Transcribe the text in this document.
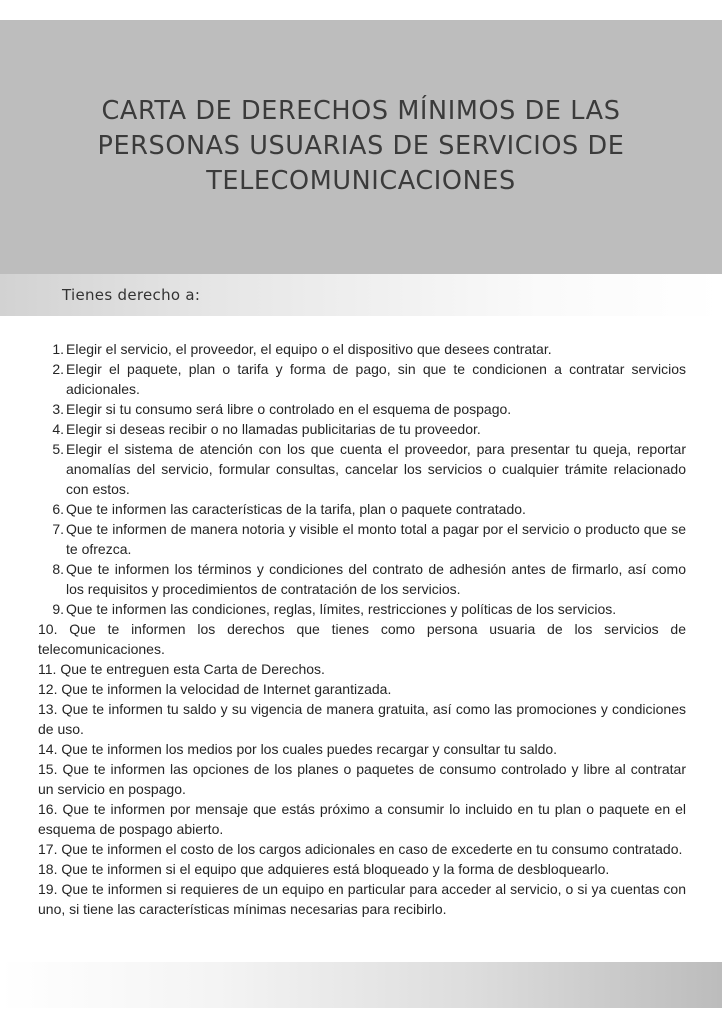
CARTA DE DERECHOS MÍNIMOS DE LAS PERSONAS USUARIAS DE SERVICIOS DE TELECOMUNICACIONES
Tienes derecho a:
1. Elegir el servicio, el proveedor, el equipo o el dispositivo que desees contratar.
2. Elegir el paquete, plan o tarifa y forma de pago, sin que te condicionen a contratar servicios adicionales.
3. Elegir si tu consumo será libre o controlado en el esquema de pospago.
4. Elegir si deseas recibir o no llamadas publicitarias de tu proveedor.
5. Elegir el sistema de atención con los que cuenta el proveedor, para presentar tu queja, reportar anomalías del servicio, formular consultas, cancelar los servicios o cualquier trámite relacionado con estos.
6. Que te informen las características de la tarifa, plan o paquete contratado.
7. Que te informen de manera notoria y visible el monto total a pagar por el servicio o producto que se te ofrezca.
8. Que te informen los términos y condiciones del contrato de adhesión antes de firmarlo, así como los requisitos y procedimientos de contratación de los servicios.
9. Que te informen las condiciones, reglas, límites, restricciones y políticas de los servicios.
10. Que te informen los derechos que tienes como persona usuaria de los servicios de telecomunicaciones.
11. Que te entreguen esta Carta de Derechos.
12. Que te informen la velocidad de Internet garantizada.
13. Que te informen tu saldo y su vigencia de manera gratuita, así como las promociones y condiciones de uso.
14. Que te informen los medios por los cuales puedes recargar y consultar tu saldo.
15. Que te informen las opciones de los planes o paquetes de consumo controlado y libre al contratar un servicio en pospago.
16. Que te informen por mensaje que estás próximo a consumir lo incluido en tu plan o paquete en el esquema de pospago abierto.
17. Que te informen el costo de los cargos adicionales en caso de excederte en tu consumo contratado.
18. Que te informen si el equipo que adquieres está bloqueado y la forma de desbloquearlo.
19. Que te informen si requieres de un equipo en particular para acceder al servicio, o si ya cuentas con uno, si tiene las características mínimas necesarias para recibirlo.
